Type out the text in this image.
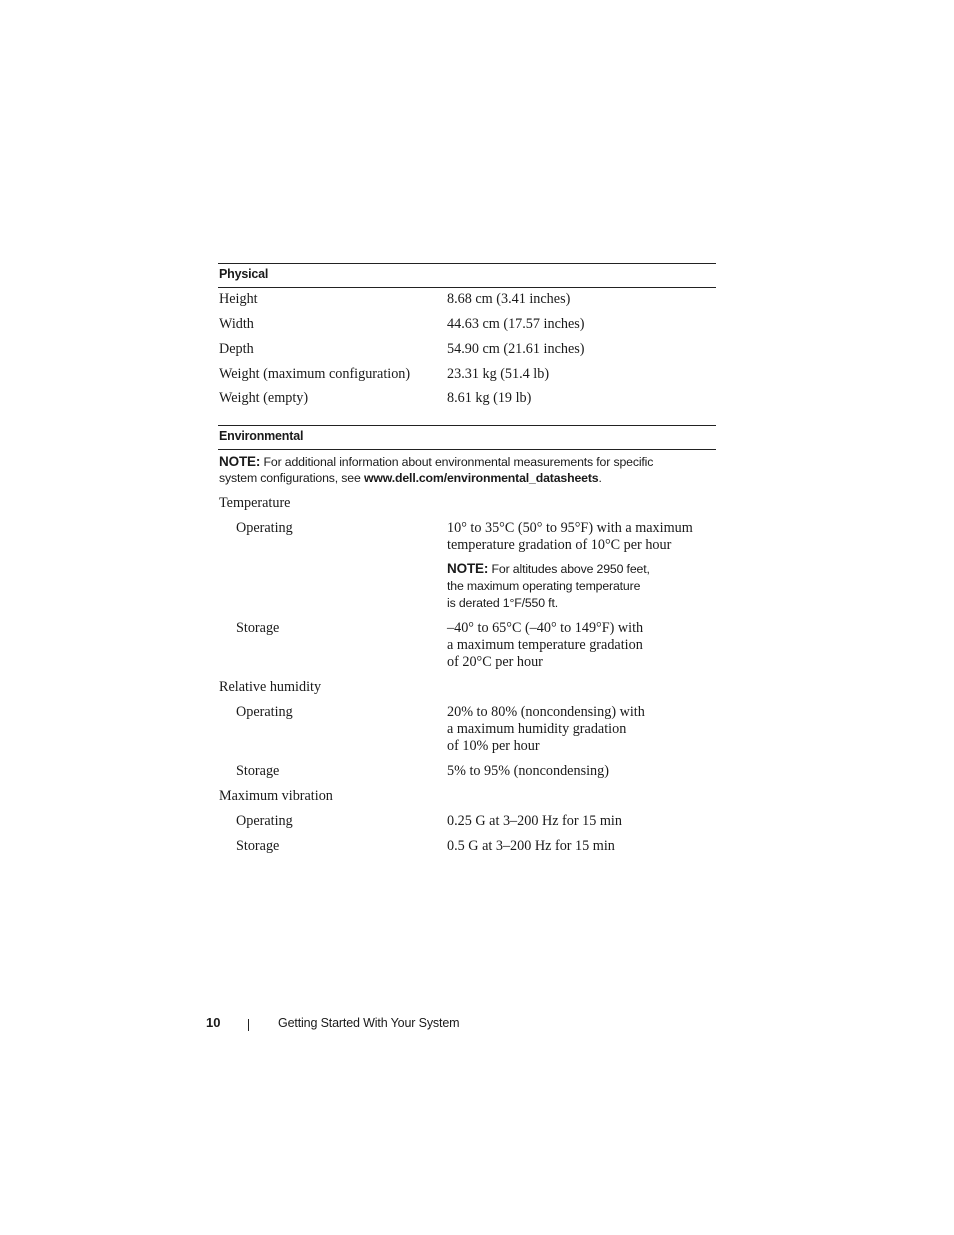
Physical
Height	8.68 cm (3.41 inches)
Width	44.63 cm (17.57 inches)
Depth	54.90 cm (21.61 inches)
Weight (maximum configuration)	23.31 kg (51.4 lb)
Weight (empty)	8.61 kg (19 lb)
Environmental
NOTE: For additional information about environmental measurements for specific
system configurations, see www.dell.com/environmental_datasheets.
Temperature
Operating	10° to 35°C (50° to 95°F) with a maximum
temperature gradation of 10°C per hour
NOTE: For altitudes above 2950 feet,
the maximum operating temperature
is derated 1°F/550 ft.
Storage	–40° to 65°C (–40° to 149°F) with
a maximum temperature gradation
of 20°C per hour
Relative humidity
Operating	20% to 80% (noncondensing) with
a maximum humidity gradation
of 10% per hour
Storage	5% to 95% (noncondensing)
Maximum vibration
Operating	0.25 G at 3–200 Hz for 15 min
Storage	0.5 G at 3–200 Hz for 15 min
10	Getting Started With Your System
